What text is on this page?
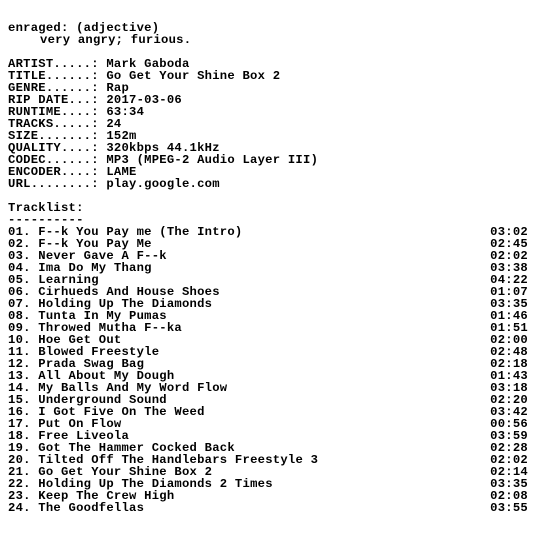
enraged: (adjective)
very angry; furious.
ARTIST.....: Mark Gaboda
TITLE......: Go Get Your Shine Box 2
GENRE......: Rap
RIP DATE...: 2017-03-06
RUNTIME....: 63:34
TRACKS.....: 24
SIZE.......: 152m
QUALITY....: 320kbps 44.1kHz
CODEC......: MP3 (MPEG-2 Audio Layer III)
ENCODER....: LAME
URL........: play.google.com
Tracklist:
----------
01. F--k You Pay me (The Intro)	03:02
02. F--k You Pay Me	02:45
03. Never Gave A F--k	02:02
04. Ima Do My Thang	03:38
05. Learning	04:22
06. Cirhueds And House Shoes	01:07
07. Holding Up The Diamonds	03:35
08. Tunta In My Pumas	01:46
09. Throwed Mutha F--ka	01:51
10. Hoe Get Out	02:00
11. Blowed Freestyle	02:48
12. Prada Swag Bag	02:18
13. All About My Dough	01:43
14. My Balls And My Word Flow	03:18
15. Underground Sound	02:20
16. I Got Five On The Weed	03:42
17. Put On Flow	00:56
18. Free Liveola	03:59
19. Got The Hammer Cocked Back	02:28
20. Tilted Off The Handlebars Freestyle 3	02:02
21. Go Get Your Shine Box 2	02:14
22. Holding Up The Diamonds 2 Times	03:35
23. Keep The Crew High	02:08
24. The Goodfellas	03:55
